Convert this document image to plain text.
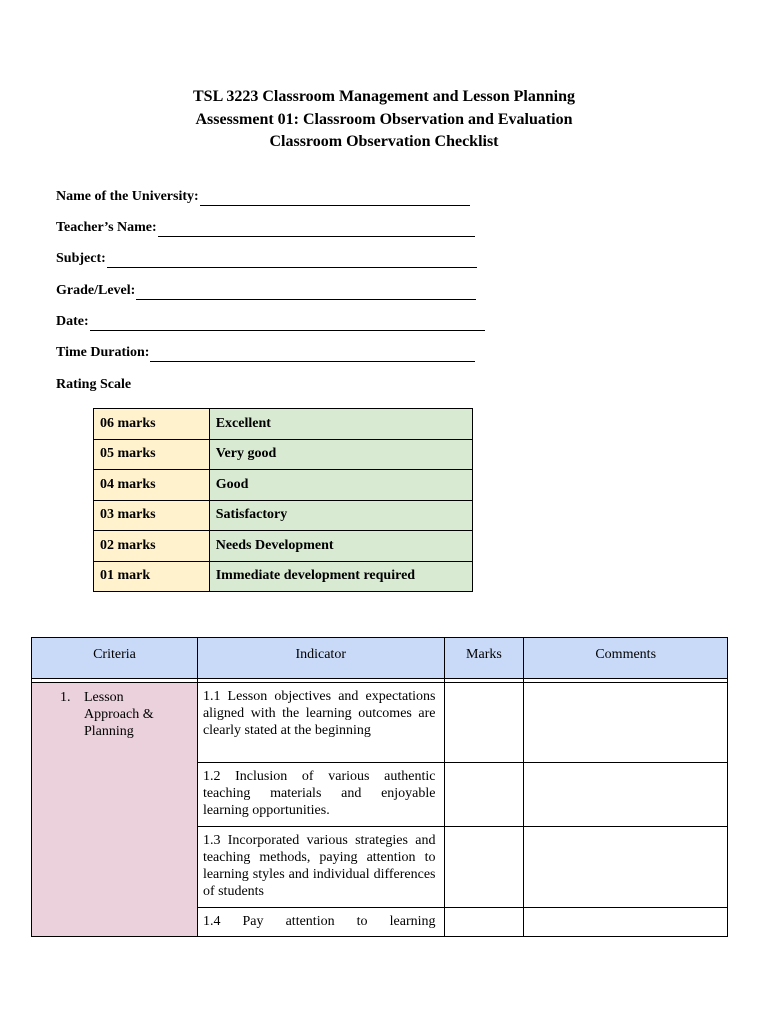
TSL 3223 Classroom Management and Lesson Planning
Assessment 01: Classroom Observation and Evaluation
Classroom Observation Checklist
Name of the University:
Teacher’s Name:
Subject:
Grade/Level:
Date:
Time Duration:
Rating Scale
06 marks	Excellent
05 marks	Very good
04 marks	Good
03 marks	Satisfactory
02 marks	Needs Development
01 mark	Immediate development required
Criteria	Indicator	Marks	Comments

1. Lesson Approach & Planning	1.1 Lesson objectives and expectations aligned with the learning outcomes are clearly stated at the beginning		
	1.2 Inclusion of various authentic teaching materials and enjoyable learning opportunities.		
	1.3 Incorporated various strategies and teaching methods, paying attention to learning styles and individual differences of students		
	1.4 Pay attention to learning		
